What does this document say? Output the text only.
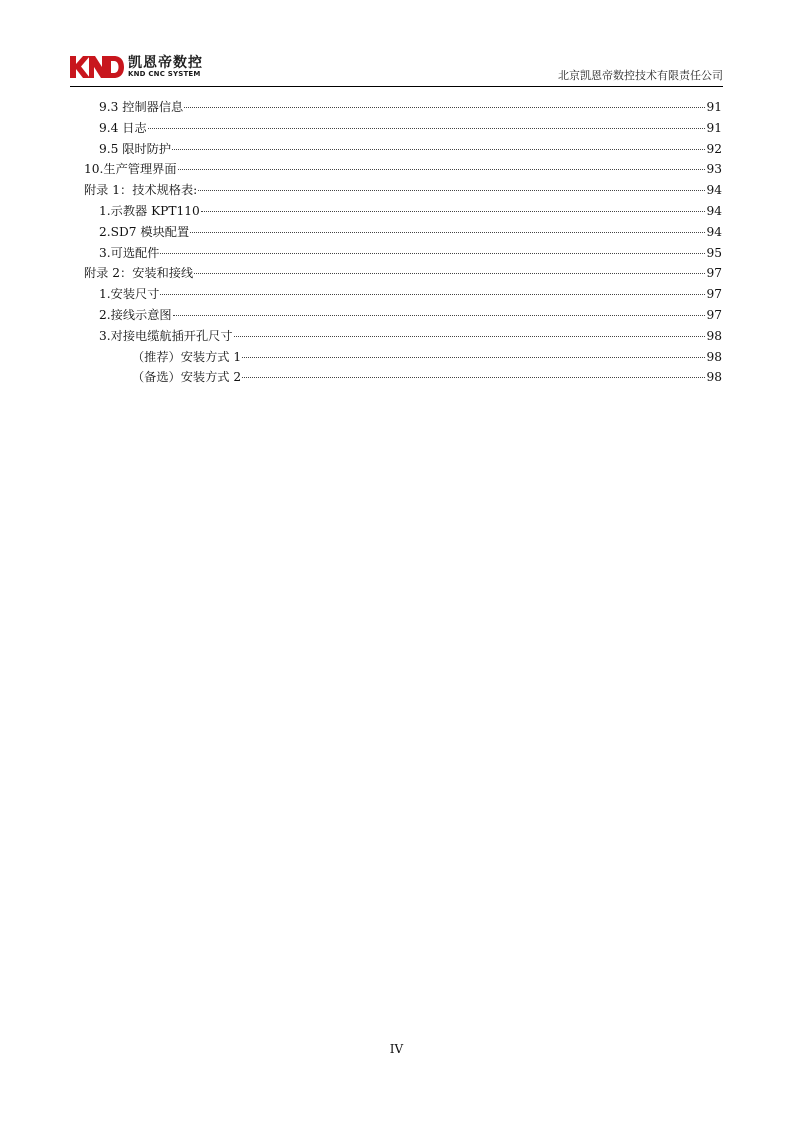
凯恩帝数控
KND CNC SYSTEM	北京凯恩帝数控技术有限责任公司
9.3 控制器信息	91
9.4 日志	91
9.5 限时防护	92
10.生产管理界面	93
附录 1：技术规格表:	94
1.示教器 KPT110	94
2.SD7 模块配置	94
3.可选配件	95
附录 2：安装和接线	97
1.安装尺寸	97
2.接线示意图	97
3.对接电缆航插开孔尺寸	98
（推荐）安装方式 1	98
（备选）安装方式 2	98
IV
